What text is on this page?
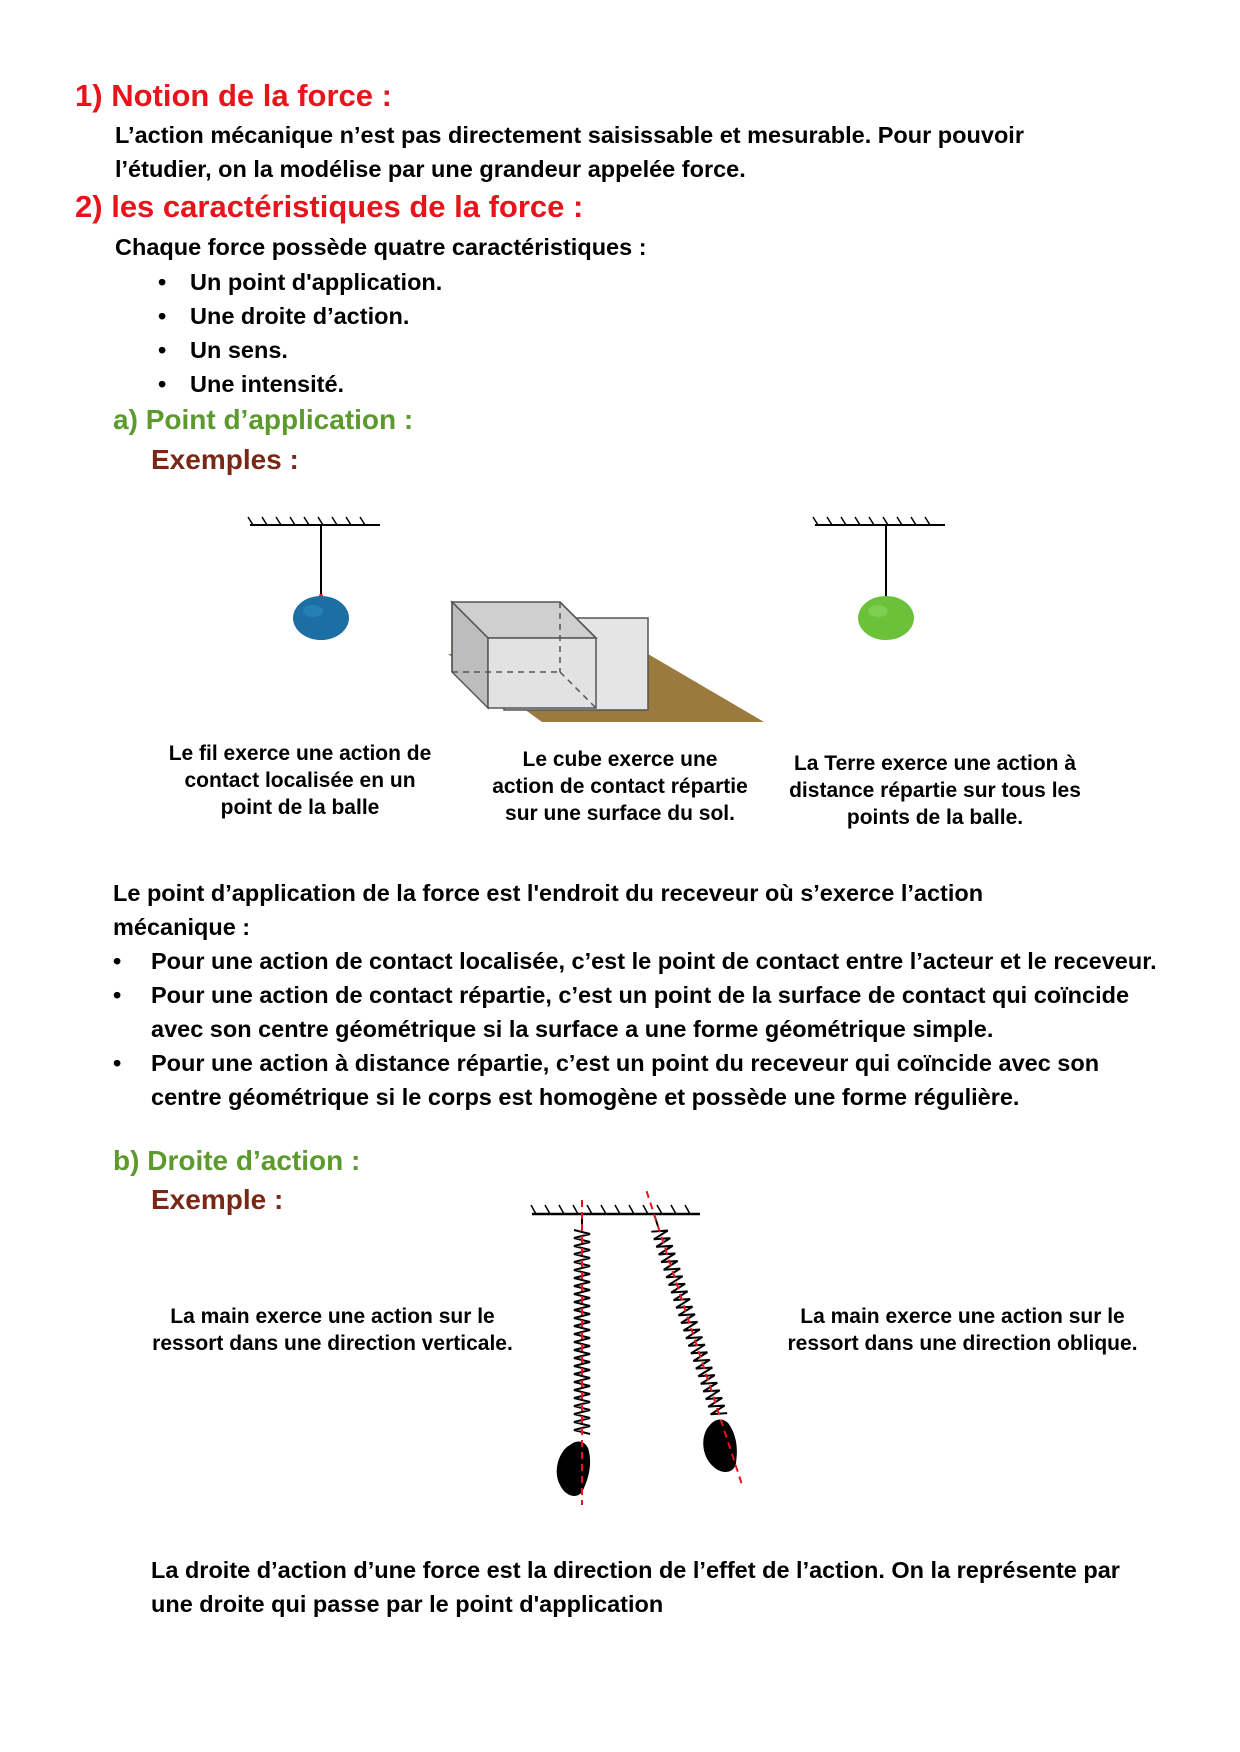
1) Notion de la force :

L’action mécanique n’est pas directement saisissable et mesurable. Pour pouvoir l’étudier, on la modélise par une grandeur appelée force.

2) les caractéristiques de la force :

Chaque force possède quatre caractéristiques :

• Un point d'application.
• Une droite d’action.
• Un sens.
• Une intensité.
a) Point d’application :
Exemples :
Le fil exerce une action de contact localisée en un point de la balle
Le cube exerce une action de contact répartie sur une surface du sol.
La Terre exerce une action à distance répartie sur tous les points de la balle.

Le point d’application de la force est l'endroit du receveur où s’exerce l’action mécanique :

• Pour une action de contact localisée, c’est le point de contact entre l’acteur et le receveur.
• Pour une action de contact répartie, c’est un point de la surface de contact qui coïncide avec son centre géométrique si la surface a une forme géométrique simple.
• Pour une action à distance répartie, c’est un point du receveur qui coïncide avec son centre géométrique si le corps est homogène et possède une forme régulière.
b) Droite d’action :
Exemple :
La main exerce une action sur le ressort dans une direction verticale.
La main exerce une action sur le ressort dans une direction oblique.

La droite d’action d’une force est la direction de l’effet de l’action. On la représente par une droite qui passe par le point d'application
